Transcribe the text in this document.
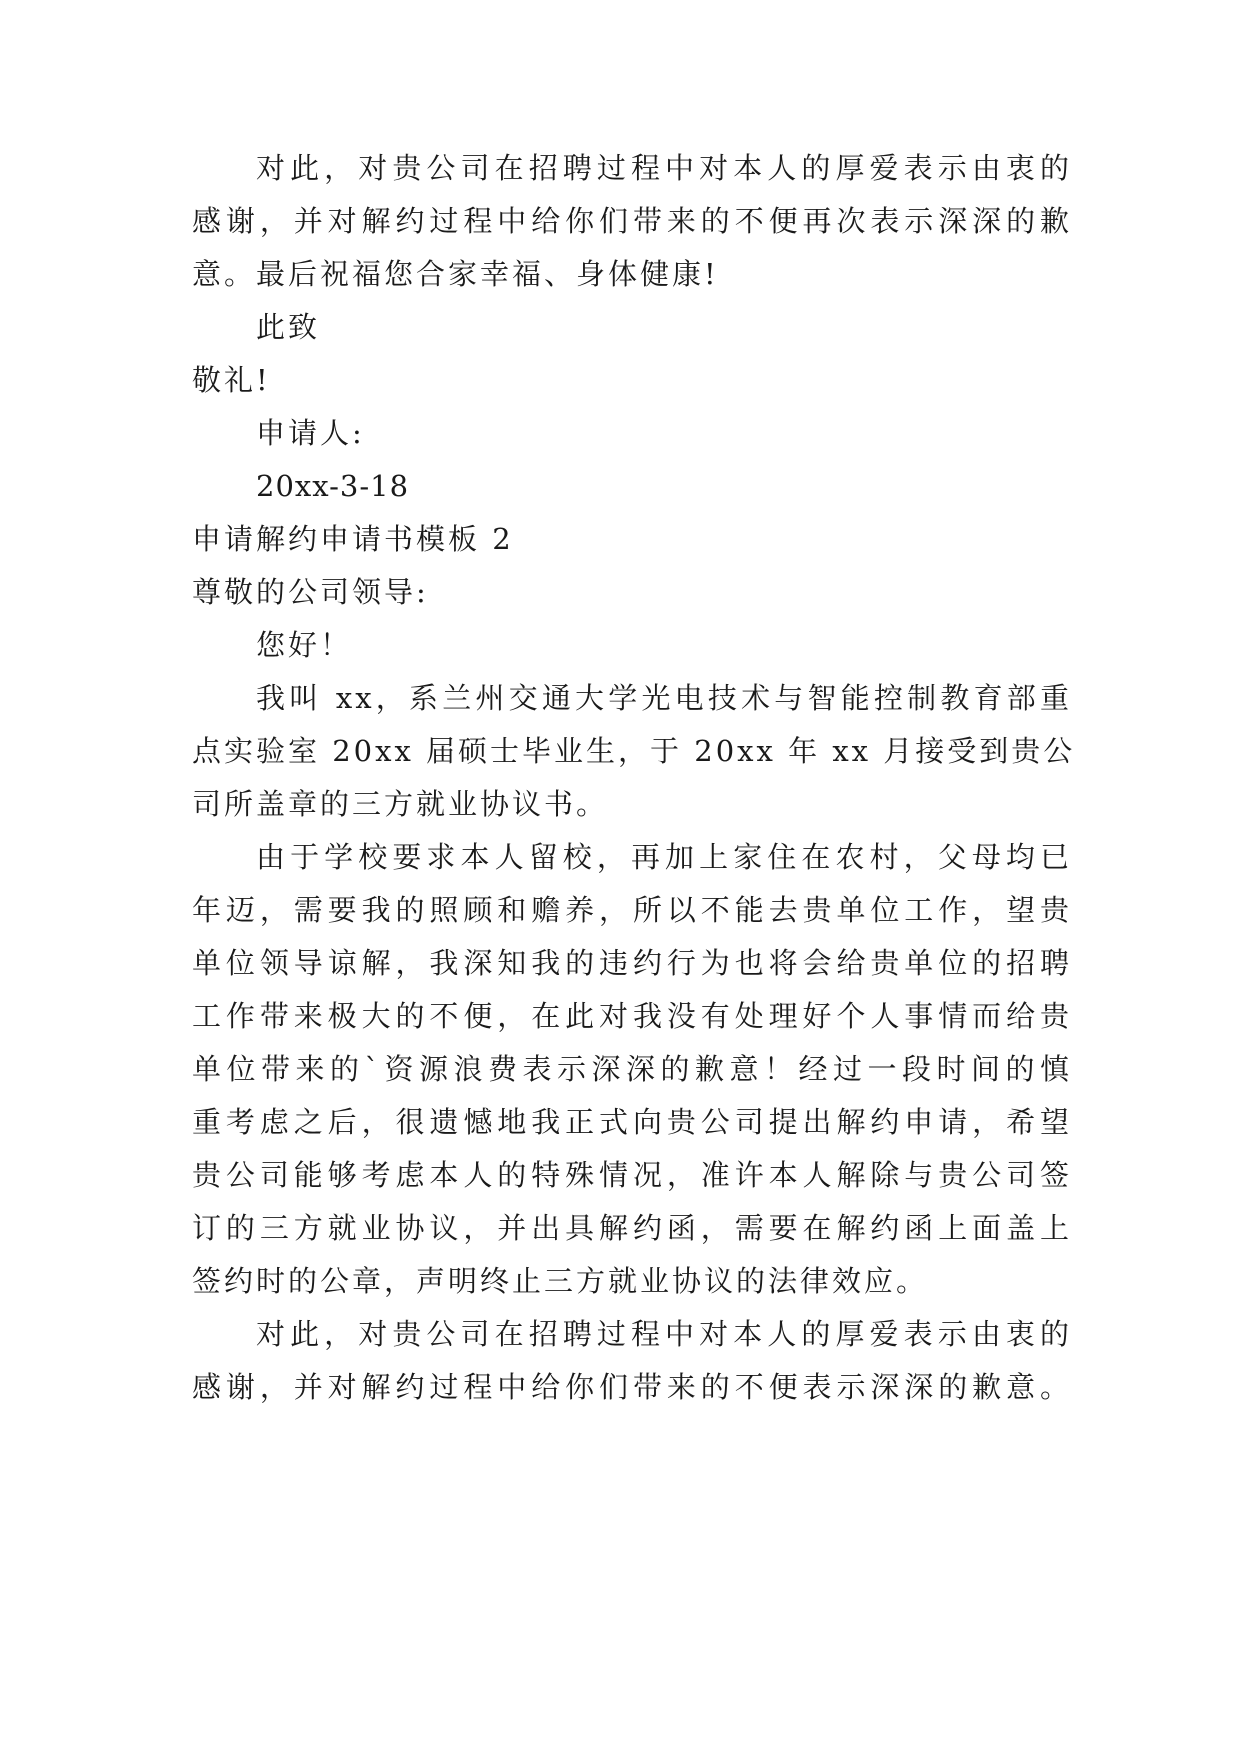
对此，对贵公司在招聘过程中对本人的厚爱表示由衷的
感谢，并对解约过程中给你们带来的不便再次表示深深的歉
意。最后祝福您合家幸福、身体健康!
此致
敬礼!
申请人:
20xx-3-18
申请解约申请书模板 2
尊敬的公司领导:
您好！
我叫 xx，系兰州交通大学光电技术与智能控制教育部重
点实验室 20xx 届硕士毕业生，于 20xx 年 xx 月接受到贵公
司所盖章的三方就业协议书。
由于学校要求本人留校，再加上家住在农村，父母均已
年迈，需要我的照顾和赡养，所以不能去贵单位工作，望贵
单位领导谅解，我深知我的违约行为也将会给贵单位的招聘
工作带来极大的不便，在此对我没有处理好个人事情而给贵
单位带来的`资源浪费表示深深的歉意！经过一段时间的慎
重考虑之后，很遗憾地我正式向贵公司提出解约申请，希望
贵公司能够考虑本人的特殊情况，准许本人解除与贵公司签
订的三方就业协议，并出具解约函，需要在解约函上面盖上
签约时的公章，声明终止三方就业协议的法律效应。
对此，对贵公司在招聘过程中对本人的厚爱表示由衷的
感谢，并对解约过程中给你们带来的不便表示深深的歉意。
